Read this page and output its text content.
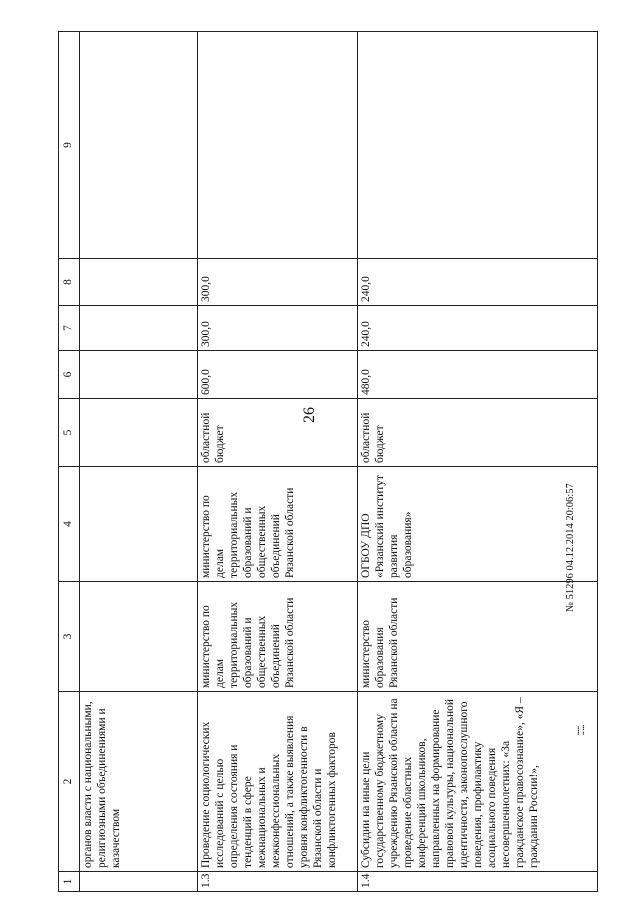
26
№ 51296 04.12.2014 20:06:57
▪▪▪▪▪
▪▪ ▪▪▪
1	2	3	4	5	6	7	8	9
	органов власти с национальными, религиозными объединениями и казачеством							
1.3	Проведение социологических исследований с целью определения состояния и тенденций в сфере межнациональных и межконфессиональных отношений, а также выявления уровня конфликтогенности в Рязанской области и конфликтогенных факторов	министерство по делам территориальных образований и общественных объединений Рязанской области	министерство по делам территориальных образований и общественных объединений Рязанской области	областной бюджет	600,0	300,0	300,0	
1.4	Субсидии на иные цели государственному бюджетному учреждению Рязанской области на проведение областных конференций школьников, направленных на формирование правовой культуры, национальной идентичности, законопослушного поведения, профилактику асоциального поведения несовершеннолетних: «За гражданское правосознание», «Я – гражданин России!»,	министерство образования Рязанской области	ОГБОУ ДПО «Рязанский институт развития образования»	областной бюджет	480,0	240,0	240,0	
